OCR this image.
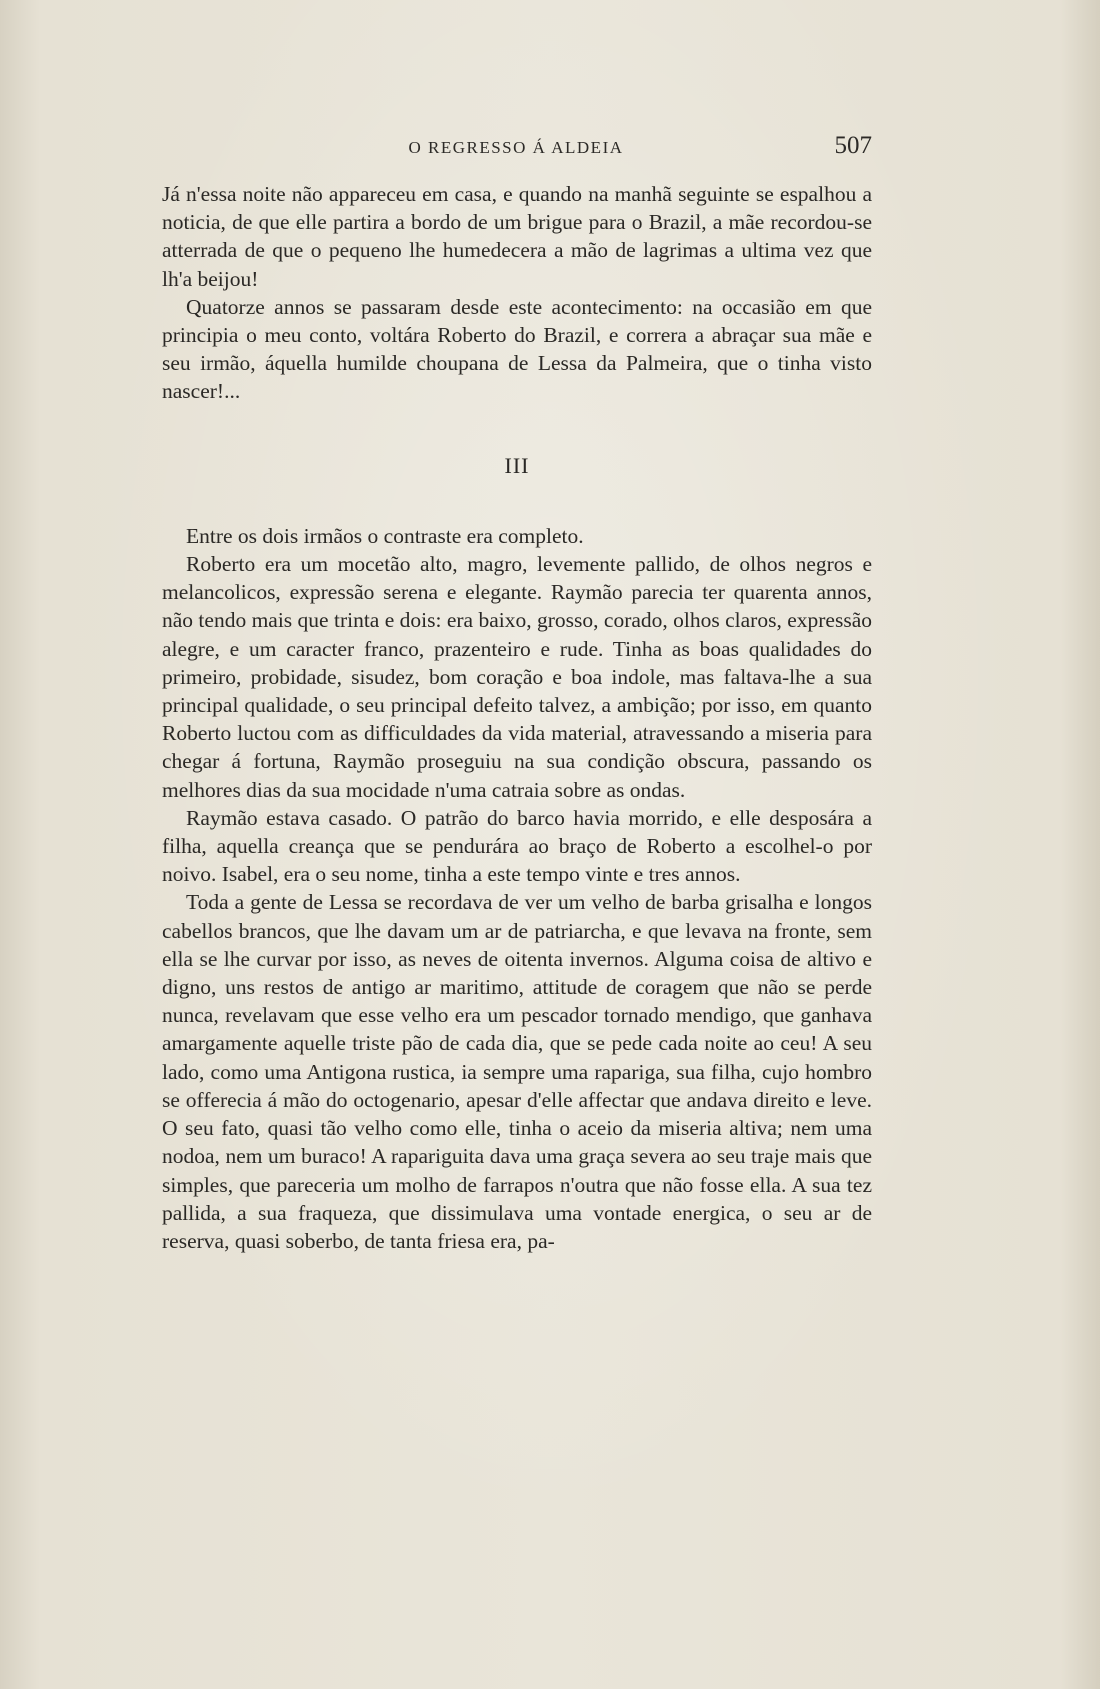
O REGRESSO Á ALDEIA	507

Já n'essa noite não appareceu em casa, e quando na manhã seguinte se espalhou a noticia, de que elle partira a bordo de um brigue para o Brazil, a mãe recordou-se atterrada de que o pequeno lhe humedecera a mão de lagrimas a ultima vez que lh'a beijou!

Quatorze annos se passaram desde este acontecimento: na occasião em que principia o meu conto, voltára Roberto do Brazil, e correra a abraçar sua mãe e seu irmão, áquella humilde choupana de Lessa da Palmeira, que o tinha visto nascer!...

III

Entre os dois irmãos o contraste era completo.

Roberto era um mocetão alto, magro, levemente pallido, de olhos negros e melancolicos, expressão serena e elegante. Raymão parecia ter quarenta annos, não tendo mais que trinta e dois: era baixo, grosso, corado, olhos claros, expressão alegre, e um caracter franco, prazenteiro e rude. Tinha as boas qualidades do primeiro, probidade, sisudez, bom coração e boa indole, mas faltava-lhe a sua principal qualidade, o seu principal defeito talvez, a ambição; por isso, em quanto Roberto luctou com as difficuldades da vida material, atravessando a miseria para chegar á fortuna, Raymão proseguiu na sua condição obscura, passando os melhores dias da sua mocidade n'uma catraia sobre as ondas.

Raymão estava casado. O patrão do barco havia morrido, e elle desposára a filha, aquella creança que se pendurára ao braço de Roberto a escolhel-o por noivo. Isabel, era o seu nome, tinha a este tempo vinte e tres annos.

Toda a gente de Lessa se recordava de ver um velho de barba grisalha e longos cabellos brancos, que lhe davam um ar de patriarcha, e que levava na fronte, sem ella se lhe curvar por isso, as neves de oitenta invernos. Alguma coisa de altivo e digno, uns restos de antigo ar maritimo, attitude de coragem que não se perde nunca, revelavam que esse velho era um pescador tornado mendigo, que ganhava amargamente aquelle triste pão de cada dia, que se pede cada noite ao ceu! A seu lado, como uma Antigona rustica, ia sempre uma rapariga, sua filha, cujo hombro se offerecia á mão do octogenario, apesar d'elle affectar que andava direito e leve. O seu fato, quasi tão velho como elle, tinha o aceio da miseria altiva; nem uma nodoa, nem um buraco! A rapariguita dava uma graça severa ao seu traje mais que simples, que pareceria um molho de farrapos n'outra que não fosse ella. A sua tez pallida, a sua fraqueza, que dissimulava uma vontade energica, o seu ar de reserva, quasi soberbo, de tanta friesa era, pa-
